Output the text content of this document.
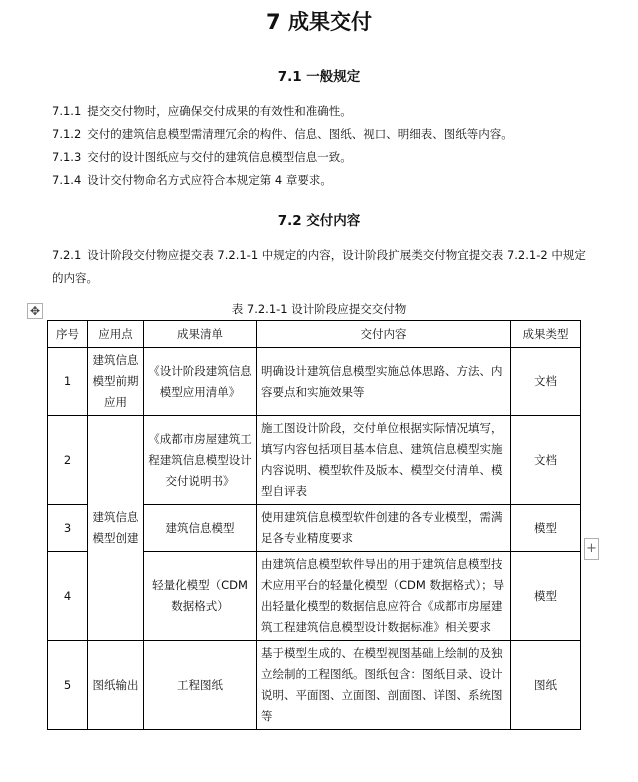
7 成果交付
7.1 一般规定
7.1.1 提交交付物时，应确保交付成果的有效性和准确性。
7.1.2 交付的建筑信息模型需清理冗余的构件、信息、图纸、视口、明细表、图纸等内容。
7.1.3 交付的设计图纸应与交付的建筑信息模型信息一致。
7.1.4 设计交付物命名方式应符合本规定第 4 章要求。
7.2 交付内容
7.2.1 设计阶段交付物应提交表 7.2.1-1 中规定的内容，设计阶段扩展类交付物宜提交表 7.2.1-2 中规定的内容。
✥	表 7.2.1-1 设计阶段应提交交付物
序号	应用点	成果清单	交付内容	成果类型
1	建筑信息模型前期应用	《设计阶段建筑信息模型应用清单》	明确设计建筑信息模型实施总体思路、方法、内容要点和实施效果等	文档
2	建筑信息模型创建	《成都市房屋建筑工程建筑信息模型设计交付说明书》	施工图设计阶段，交付单位根据实际情况填写，填写内容包括项目基本信息、建筑信息模型实施内容说明、模型软件及版本、模型交付清单、模型自评表	文档
3		建筑信息模型	使用建筑信息模型软件创建的各专业模型，需满足各专业精度要求	模型
4		轻量化模型（CDM 数据格式）	由建筑信息模型软件导出的用于建筑信息模型技术应用平台的轻量化模型（CDM 数据格式）；导出轻量化模型的数据信息应符合《成都市房屋建筑工程建筑信息模型设计数据标准》相关要求	模型
5	图纸输出	工程图纸	基于模型生成的、在模型视图基础上绘制的及独立绘制的工程图纸。图纸包含：图纸目录、设计说明、平面图、立面图、剖面图、详图、系统图等	图纸
+
